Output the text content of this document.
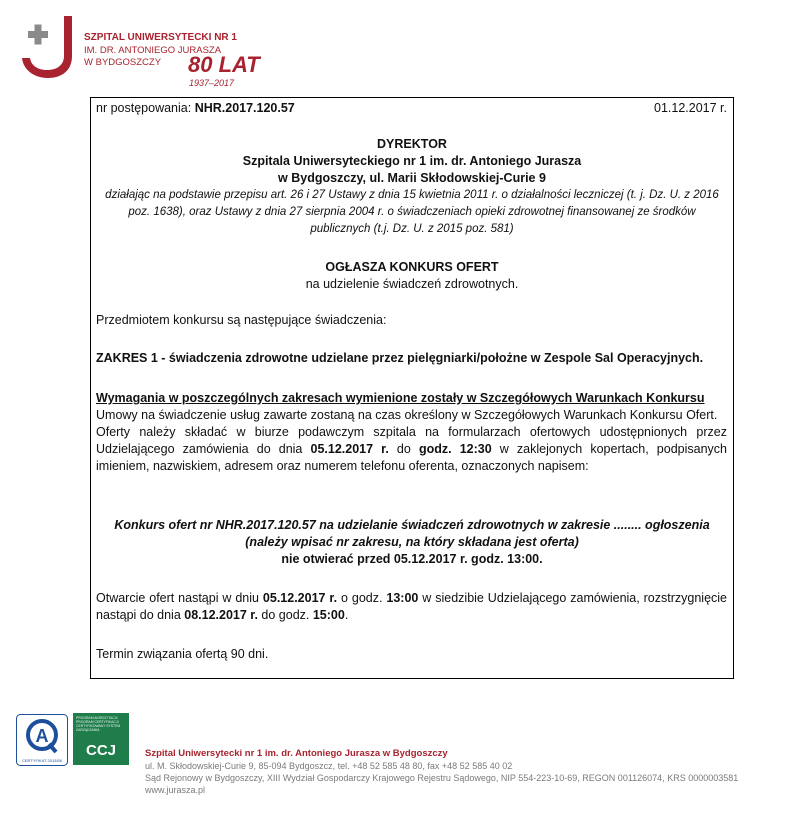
SZPITAL UNIWERSYTECKI NR 1
IM. DR. ANTONIEGO JURASZA
W BYDGOSZCZY	80 LAT
1937–2017
nr postępowania: NHR.2017.120.57	01.12.2017 r.
DYREKTOR
Szpitala Uniwersyteckiego nr 1 im. dr. Antoniego Jurasza
w Bydgoszczy, ul. Marii Skłodowskiej-Curie 9
działając na podstawie przepisu art. 26 i 27 Ustawy z dnia 15 kwietnia 2011 r. o działalności leczniczej (t. j. Dz. U. z 2016 poz. 1638), oraz Ustawy z dnia 27 sierpnia 2004 r. o świadczeniach opieki zdrowotnej finansowanej ze środków publicznych (t.j. Dz. U. z 2015 poz. 581)
OGŁASZA KONKURS OFERT
na udzielenie świadczeń zdrowotnych.
Przedmiotem konkursu są następujące świadczenia:
ZAKRES 1 - świadczenia zdrowotne udzielane przez pielęgniarki/położne w Zespole Sal Operacyjnych.
Wymagania w poszczególnych zakresach wymienione zostały w Szczegółowych Warunkach Konkursu
Umowy na świadczenie usług zawarte zostaną na czas określony w Szczegółowych Warunkach Konkursu Ofert.
Oferty należy składać w biurze podawczym szpitala na formularzach ofertowych udostępnionych przez Udzielającego zamówienia do dnia 05.12.2017 r. do godz. 12:30 w zaklejonych kopertach, podpisanych imieniem, nazwiskiem, adresem oraz numerem telefonu oferenta, oznaczonych napisem:
Konkurs ofert nr NHR.2017.120.57 na udzielanie świadczeń zdrowotnych w zakresie ........ ogłoszenia
(należy wpisać nr zakresu, na który składana jest oferta)
nie otwierać przed 05.12.2017 r. godz. 13:00.
Otwarcie ofert nastąpi w dniu 05.12.2017 r. o godz. 13:00 w siedzibie Udzielającego zamówienia, rozstrzygnięcie nastąpi do dnia 08.12.2017 r. do godz. 15:00.
Termin związania ofertą 90 dni.
A
CERTYFIKAT 2015/56
PROGRAM AKREDYTACJI PROGRAM CERTYFIKACJI CERTYFIKOWANY SYSTEM ZARZĄDZANIA
CCJ	Szpital Uniwersytecki nr 1 im. dr. Antoniego Jurasza w Bydgoszczy
ul. M. Skłodowskiej-Curie 9, 85-094 Bydgoszcz, tel. +48 52 585 48 80, fax +48 52 585 40 02
Sąd Rejonowy w Bydgoszczy, XIII Wydział Gospodarczy Krajowego Rejestru Sądowego, NIP 554-223-10-69, REGON 001126074, KRS 0000003581
www.jurasza.pl
